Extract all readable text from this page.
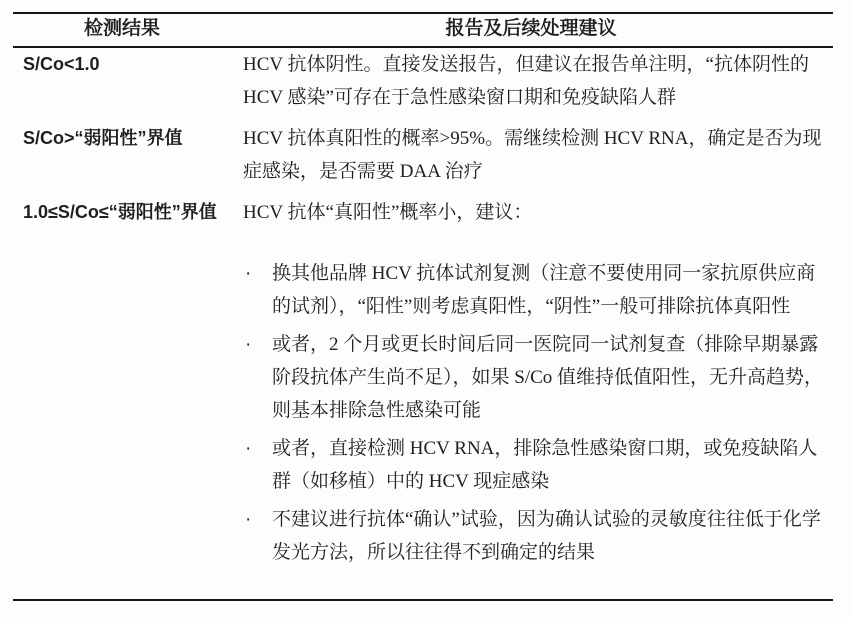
检测结果	报告及后续处理建议
S/Co<1.0	HCV 抗体阴性。直接发送报告，但建议在报告单注明，“抗体阴性的 HCV 感染”可存在于急性感染窗口期和免疫缺陷人群

S/Co>“弱阳性”界值	HCV 抗体真阳性的概率>95%。需继续检测 HCV RNA，确定是否为现症感染，是否需要 DAA 治疗

1.0≤S/Co≤“弱阳性”界值	HCV 抗体“真阳性”概率小，建议：

· 换其他品牌 HCV 抗体试剂复测（注意不要使用同一家抗原供应商的试剂），“阳性”则考虑真阳性，“阴性”一般可排除抗体真阳性
· 或者，2 个月或更长时间后同一医院同一试剂复查（排除早期暴露阶段抗体产生尚不足），如果 S/Co 值维持低值阳性，无升高趋势，则基本排除急性感染可能
· 或者，直接检测 HCV RNA，排除急性感染窗口期，或免疫缺陷人群（如移植）中的 HCV 现症感染
· 不建议进行抗体“确认”试验，因为确认试验的灵敏度往往低于化学发光方法，所以往往得不到确定的结果
